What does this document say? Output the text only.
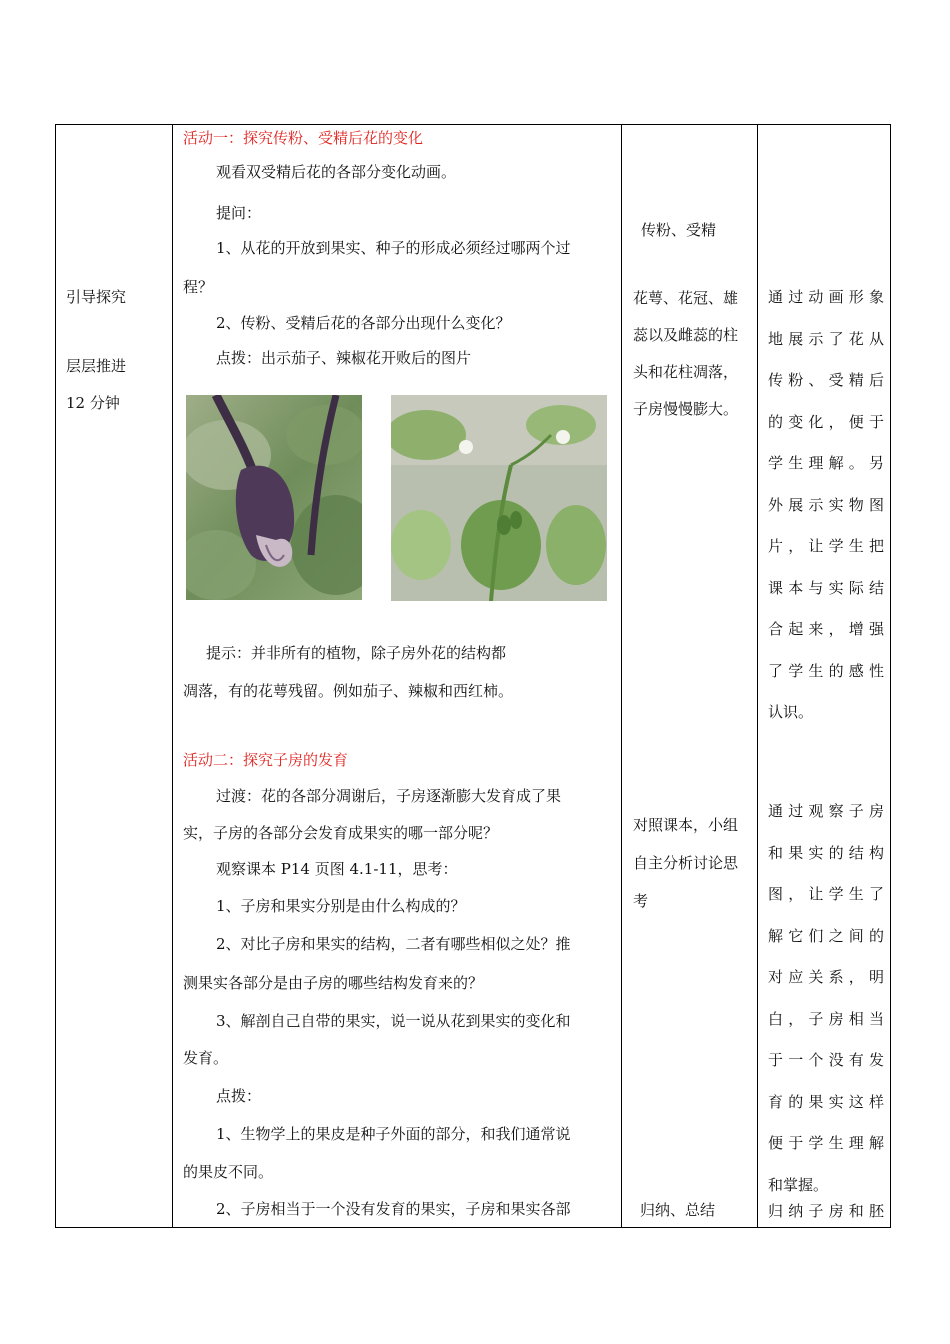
引导探究
层层推进
12 分钟
活动一：探究传粉、受精后花的变化
观看双受精后花的各部分变化动画。
提问：
1、从花的开放到果实、种子的形成必须经过哪两个过
程？
2、传粉、受精后花的各部分出现什么变化？
点拨：出示茄子、辣椒花开败后的图片
提示：并非所有的植物，除子房外花的结构都
凋落，有的花萼残留。例如茄子、辣椒和西红柿。
活动二：探究子房的发育
过渡：花的各部分凋谢后，子房逐渐膨大发育成了果
实，子房的各部分会发育成果实的哪一部分呢？
观察课本 P14 页图 4.1-11，思考：
1、子房和果实分别是由什么构成的？
2、对比子房和果实的结构，二者有哪些相似之处？推
测果实各部分是由子房的哪些结构发育来的？
3、解剖自己自带的果实，说一说从花到果实的变化和
发育。
点拨：
1、生物学上的果皮是种子外面的部分，和我们通常说
的果皮不同。
2、子房相当于一个没有发育的果实，子房和果实各部
传粉、受精
花萼、花冠、雄
蕊以及雌蕊的柱
头和花柱凋落，
子房慢慢膨大。
对照课本，小组
自主分析讨论思
考
归纳、总结
通过动画形象
地展示了花从
传粉、受精后
的变化，便于
学生理解。另
外展示实物图
片，让学生把
课本与实际结
合起来，增强
了学生的感性
认识。
通过观察子房
和果实的结构
图，让学生了
解它们之间的
对应关系，明
白，子房相当
于一个没有发
育的果实这样
便于学生理解
和掌握。
归纳子房和胚
